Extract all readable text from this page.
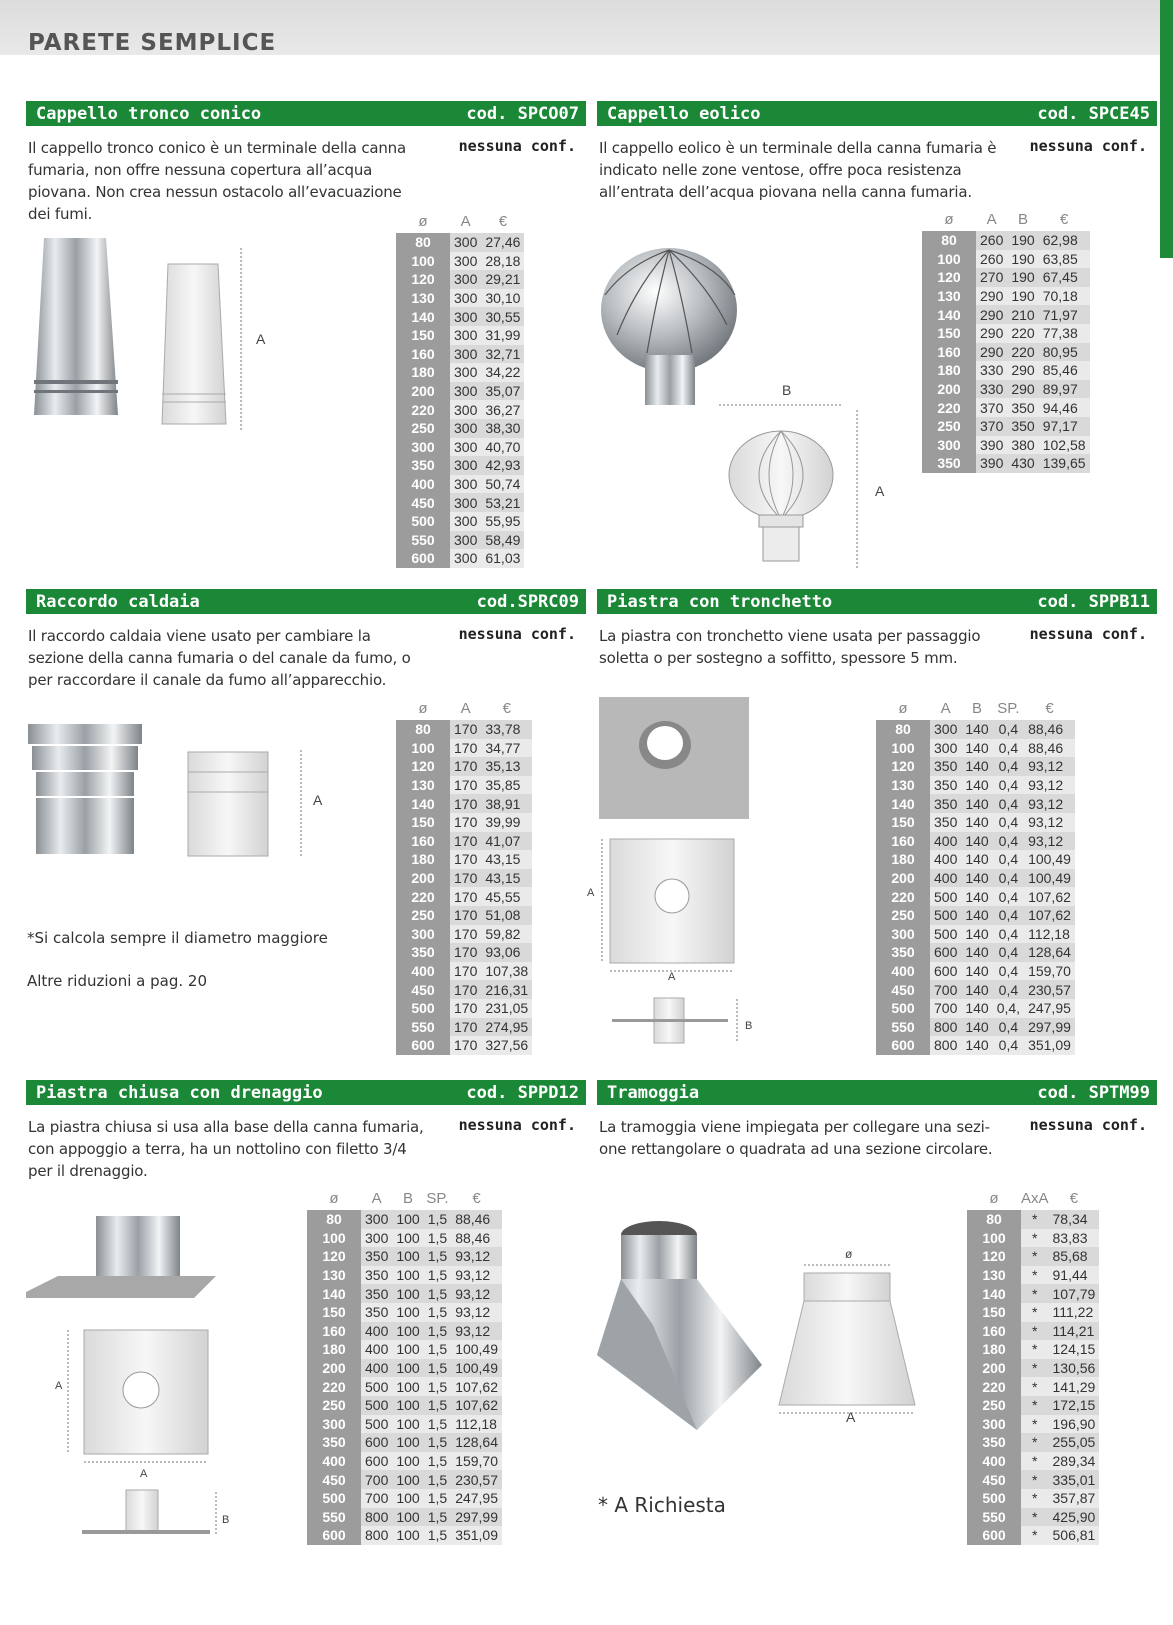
PARETE SEMPLICE
Cappello tronco conico	cod. SPCO07
Il cappello tronco conico è un terminale della canna fumaria, non offre nessuna copertura all’acqua piovana. Non crea nessun ostacolo all’evacuazione dei fumi.
nessuna conf.
A
ø	A	€
80	300	27,46
100	300	28,18
120	300	29,21
130	300	30,10
140	300	30,55
150	300	31,99
160	300	32,71
180	300	34,22
200	300	35,07
220	300	36,27
250	300	38,30
300	300	40,70
350	300	42,93
400	300	50,74
450	300	53,21
500	300	55,95
550	300	58,49
600	300	61,03
Cappello eolico	cod. SPCE45
Il cappello eolico è un terminale della canna fumaria è indicato nelle zone ventose, offre poca resistenza all’entrata dell’acqua piovana nella canna fumaria.
nessuna conf.
B
A
ø	A	B	€
80	260	190	62,98
100	260	190	63,85
120	270	190	67,45
130	290	190	70,18
140	290	210	71,97
150	290	220	77,38
160	290	220	80,95
180	330	290	85,46
200	330	290	89,97
220	370	350	94,46
250	370	350	97,17
300	390	380	102,58
350	390	430	139,65
Raccordo caldaia	cod.SPRC09
Il raccordo caldaia viene usato per cambiare la sezione della canna fumaria o del canale da fumo, o per raccordare il canale da fumo all’apparecchio.
nessuna conf.
A
*Si calcola sempre il diametro maggiore
Altre riduzioni a pag. 20
ø	A	€
80	170	33,78
100	170	34,77
120	170	35,13
130	170	35,85
140	170	38,91
150	170	39,99
160	170	41,07
180	170	43,15
200	170	43,15
220	170	45,55
250	170	51,08
300	170	59,82
350	170	93,06
400	170	107,38
450	170	216,31
500	170	231,05
550	170	274,95
600	170	327,56
Piastra con tronchetto	cod. SPPB11
La piastra con tronchetto viene usata per passaggio soletta o per sostegno a soffitto, spessore 5 mm.
nessuna conf.
A
A
B
ø	A	B	SP.	€
80	300	140	0,4	88,46
100	300	140	0,4	88,46
120	350	140	0,4	93,12
130	350	140	0,4	93,12
140	350	140	0,4	93,12
150	350	140	0,4	93,12
160	400	140	0,4	93,12
180	400	140	0,4	100,49
200	400	140	0,4	100,49
220	500	140	0,4	107,62
250	500	140	0,4	107,62
300	500	140	0,4	112,18
350	600	140	0,4	128,64
400	600	140	0,4	159,70
450	700	140	0,4	230,57
500	700	140	0,4,	247,95
550	800	140	0,4	297,99
600	800	140	0,4	351,09
Piastra chiusa con drenaggio	cod. SPPD12
La piastra chiusa si usa alla base della canna fumaria, con appoggio a terra, ha un nottolino con filetto 3/4 per il drenaggio.
nessuna conf.
A
A
B
ø	A	B	SP.	€
80	300	100	1,5	88,46
100	300	100	1,5	88,46
120	350	100	1,5	93,12
130	350	100	1,5	93,12
140	350	100	1,5	93,12
150	350	100	1,5	93,12
160	400	100	1,5	93,12
180	400	100	1,5	100,49
200	400	100	1,5	100,49
220	500	100	1,5	107,62
250	500	100	1,5	107,62
300	500	100	1,5	112,18
350	600	100	1,5	128,64
400	600	100	1,5	159,70
450	700	100	1,5	230,57
500	700	100	1,5	247,95
550	800	100	1,5	297,99
600	800	100	1,5	351,09
Tramoggia	cod. SPTM99
La tramoggia viene impiegata per collegare una sezi- one rettangolare o quadrata ad una sezione circolare.
nessuna conf.
ø
A
* A Richiesta
ø	AxA	€
80	*	78,34
100	*	83,83
120	*	85,68
130	*	91,44
140	*	107,79
150	*	111,22
160	*	114,21
180	*	124,15
200	*	130,56
220	*	141,29
250	*	172,15
300	*	196,90
350	*	255,05
400	*	289,34
450	*	335,01
500	*	357,87
550	*	425,90
600	*	506,81
